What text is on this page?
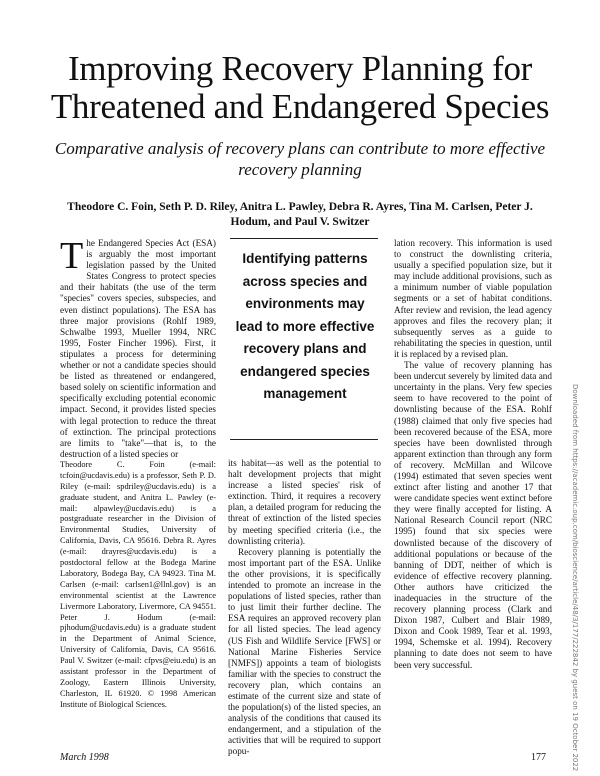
Improving Recovery Planning for Threatened and Endangered Species
Comparative analysis of recovery plans can contribute to more effective recovery planning
Theodore C. Foin, Seth P. D. Riley, Anitra L. Pawley, Debra R. Ayres, Tina M. Carlsen, Peter J. Hodum, and Paul V. Switzer

The Endangered Species Act (ESA) is arguably the most important legislation passed by the United States Congress to protect species and their habitats (the use of the term "species" covers species, subspecies, and even distinct populations). The ESA has three major provisions (Rohlf 1989, Schwalbe 1993, Mueller 1994, NRC 1995, Foster Fincher 1996). First, it stipulates a process for determining whether or not a candidate species should be listed as threatened or endangered, based solely on scientific information and specifically excluding potential economic impact. Second, it provides listed species with legal protection to reduce the threat of extinction. The principal protections are limits to "take"—that is, to the destruction of a listed species or

Theodore C. Foin (e-mail: tcfoin@ucdavis.edu) is a professor, Seth P. D. Riley (e-mail: spdriley@ucdavis.edu) is a graduate student, and Anitra L. Pawley (e-mail: alpawley@ucdavis.edu) is a postgraduate researcher in the Division of Environmental Studies, University of California, Davis, CA 95616. Debra R. Ayres (e-mail: drayres@ucdavis.edu) is a postdoctoral fellow at the Bodega Marine Laboratory, Bodega Bay, CA 94923. Tina M. Carlsen (e-mail: carlsen1@llnl.gov) is an environmental scientist at the Lawrence Livermore Laboratory, Livermore, CA 94551. Peter J. Hodum (e-mail: pjhodum@ucdavis.edu) is a graduate student in the Department of Animal Science, University of California, Davis, CA 95616. Paul V. Switzer (e-mail: cfpvs@eiu.edu) is an assistant professor in the Department of Zoology, Eastern Illinois University, Charleston, IL 61920. © 1998 American Institute of Biological Sciences.

Identifying patterns across species and environments may lead to more effective recovery plans and endangered species management

its habitat—as well as the potential to halt development projects that might increase a listed species' risk of extinction. Third, it requires a recovery plan, a detailed program for reducing the threat of extinction of the listed species by meeting specified criteria (i.e., the downlisting criteria).

Recovery planning is potentially the most important part of the ESA. Unlike the other provisions, it is specifically intended to promote an increase in the populations of listed species, rather than to just limit their further decline. The ESA requires an approved recovery plan for all listed species. The lead agency (US Fish and Wildlife Service [FWS] or National Marine Fisheries Service [NMFS]) appoints a team of biologists familiar with the species to construct the recovery plan, which contains an estimate of the current size and state of the population(s) of the listed species, an analysis of the conditions that caused its endangerment, and a stipulation of the activities that will be required to support popu-

lation recovery. This information is used to construct the downlisting criteria, usually a specified population size, but it may include additional provisions, such as a minimum number of viable population segments or a set of habitat conditions. After review and revision, the lead agency approves and files the recovery plan; it subsequently serves as a guide to rehabilitating the species in question, until it is replaced by a revised plan.

The value of recovery planning has been undercut severely by limited data and uncertainty in the plans. Very few species seem to have recovered to the point of downlisting because of the ESA. Rohlf (1988) claimed that only five species had been recovered because of the ESA, more species have been downlisted through apparent extinction than through any form of recovery. McMillan and Wilcove (1994) estimated that seven species went extinct after listing and another 17 that were candidate species went extinct before they were finally accepted for listing. A National Research Council report (NRC 1995) found that six species were downlisted because of the discovery of additional populations or because of the banning of DDT, neither of which is evidence of effective recovery planning. Other authors have criticized the inadequacies in the structure of the recovery planning process (Clark and Dixon 1987, Culbert and Blair 1989, Dixon and Cook 1989, Tear et al. 1993, 1994, Schemske et al. 1994). Recovery planning to date does not seem to have been very successful.

March 1998	177	Downloaded from https://academic.oup.com/bioscience/article/48/3/177/222842 by guest on 19 October 2022
